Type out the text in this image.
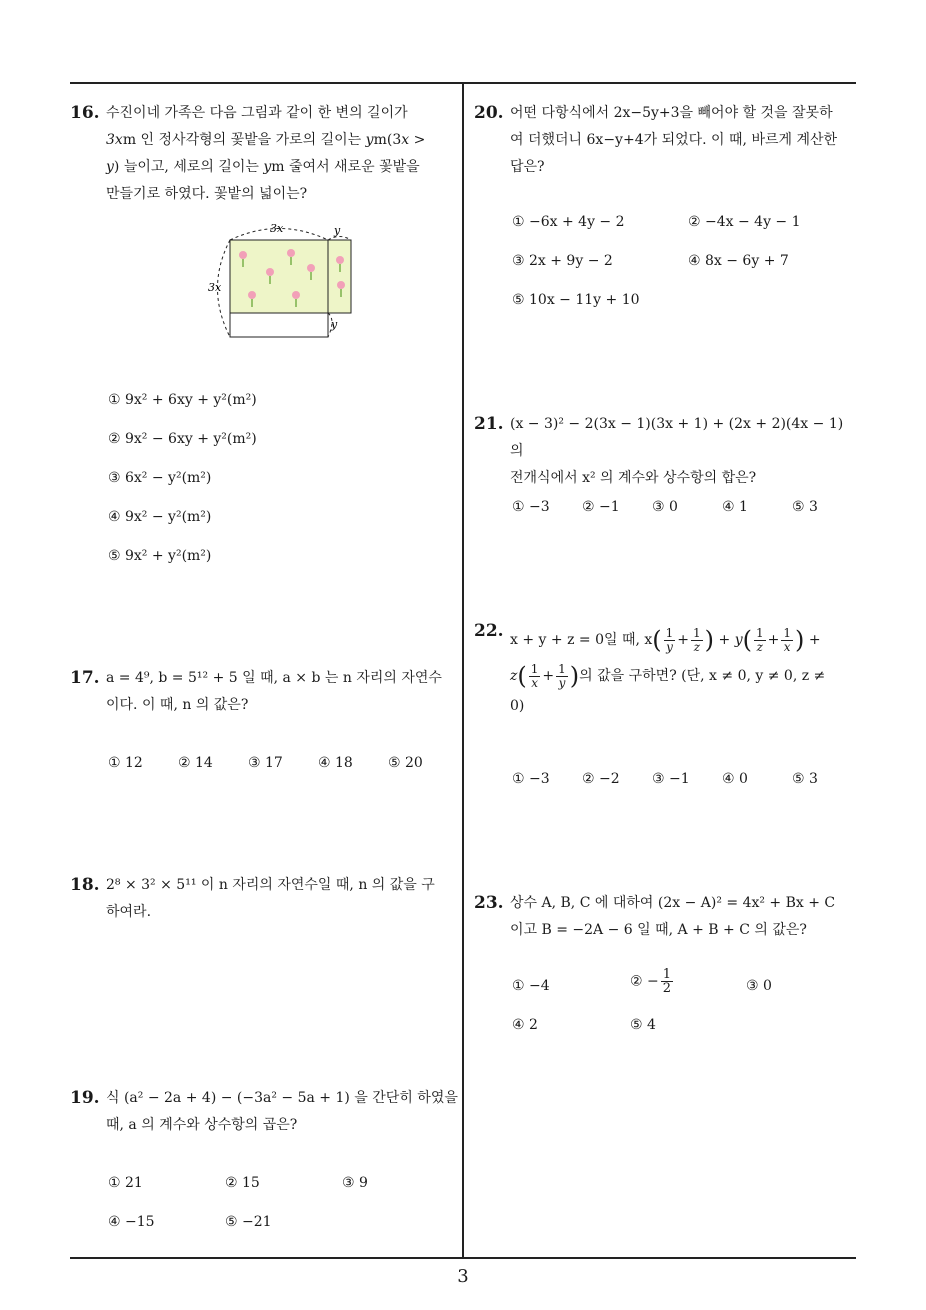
16. 수진이네 가족은 다음 그림과 같이 한 변의 길이가
3xm 인 정사각형의 꽃밭을 가로의 길이는 ym(3x >
y) 늘이고, 세로의 길이는 ym 줄여서 새로운 꽃밭을
만들기로 하였다. 꽃밭의 넓이는?
3x	y
3x
y
① 9x² + 6xy + y²(m²)
② 9x² − 6xy + y²(m²)
③ 6x² − y²(m²)
④ 9x² − y²(m²)
⑤ 9x² + y²(m²)
17. a = 4⁹, b = 5¹² + 5 일 때, a × b 는 n 자리의 자연수
이다. 이 때, n 의 값은?
① 12	② 14	③ 17	④ 18	⑤ 20
18. 2⁸ × 3² × 5¹¹ 이 n 자리의 자연수일 때, n 의 값을 구
하여라.
19. 식 (a² − 2a + 4) − (−3a² − 5a + 1) 을 간단히 하였을
때, a 의 계수와 상수항의 곱은?
① 21	② 15	③ 9
④ −15	⑤ −21
20. 어떤 다항식에서 2x−5y+3을 빼어야 할 것을 잘못하
여 더했더니 6x−y+4가 되었다. 이 때, 바르게 계산한
답은?
① −6x + 4y − 2	② −4x − 4y − 1
③ 2x + 9y − 2	④ 8x − 6y + 7
⑤ 10x − 11y + 10
21. (x − 3)² − 2(3x − 1)(3x + 1) + (2x + 2)(4x − 1) 의
전개식에서 x² 의 계수와 상수항의 합은?
① −3 ② −1 ③ 0	④ 1	⑤ 3
22. x + y + z = 0일 때, $x( \frac{1}{y} + \frac{1}{z}$ ) + $y( \frac{1}{z} + \frac{1}{x}$ ) +
$z( \frac{1}{x} + \frac{1}{y}$ )의 값을 구하면? (단, x ≠ 0, y ≠ 0, z ≠
0)
① −3 ② −2 ③ −1 ④ 0	⑤ 3
23. 상수 A, B, C 에 대하여 (2x − A)² = 4x² + Bx + C
이고 B = −2A − 6 일 때, A + B + C 의 값은?
① −4	② − $\frac{1}{2}$	③ 0
④ 2	⑤ 4
3
